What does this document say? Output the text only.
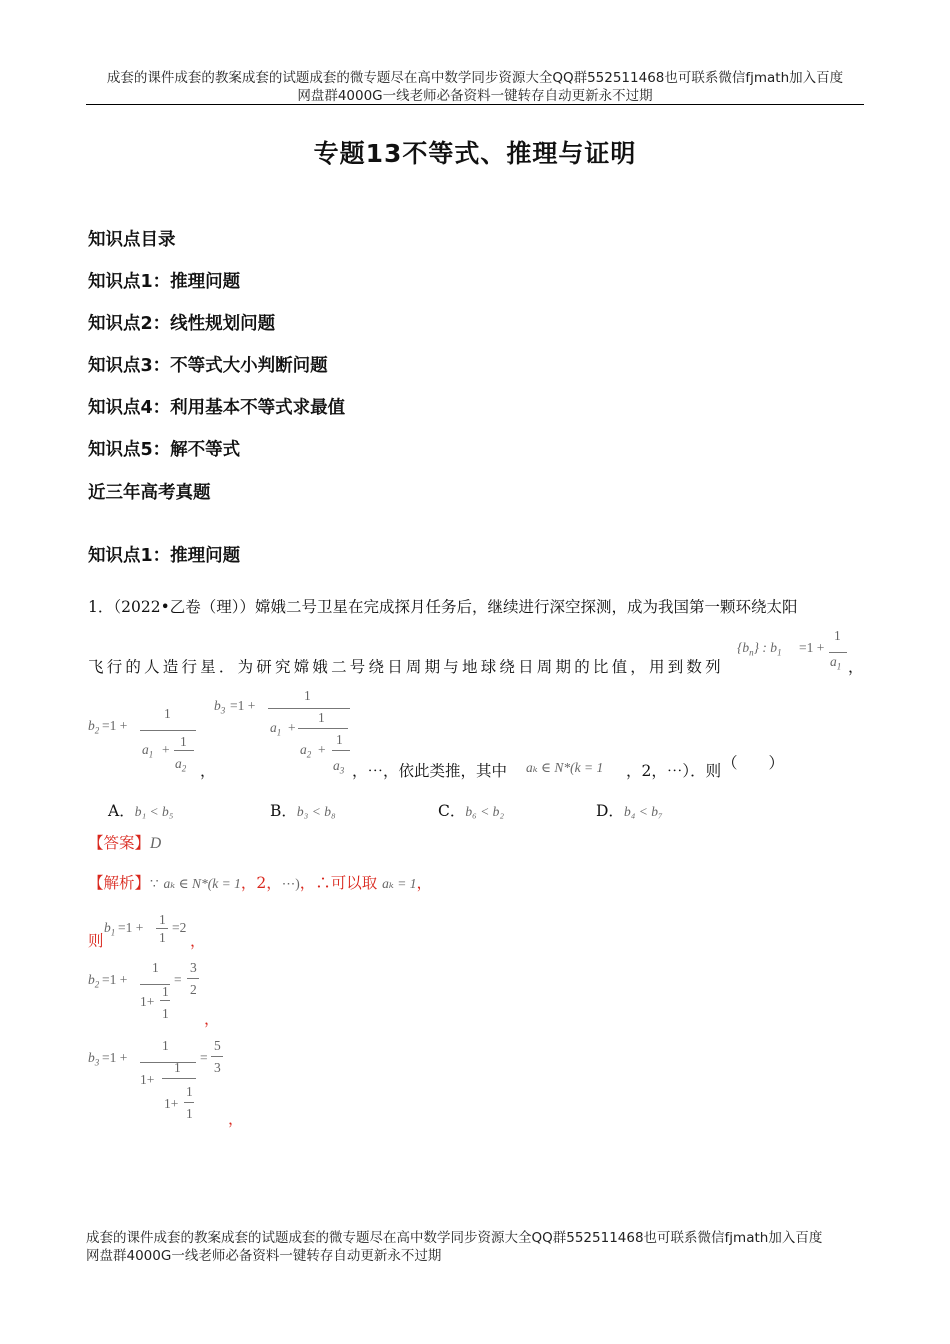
成套的课件成套的教案成套的试题成套的微专题尽在高中数学同步资源大全QQ群552511468也可联系微信fjmath加入百度
网盘群4000G一线老师必备资料一键转存自动更新永不过期
专题13不等式、推理与证明
知识点目录
知识点1：推理问题
知识点2：线性规划问题
知识点3：不等式大小判断问题
知识点4：利用基本不等式求最值
知识点5：解不等式
近三年高考真题
知识点1：推理问题
1．（2022•乙卷（理））嫦娥二号卫星在完成探月任务后，继续进行深空探测，成为我国第一颗环绕太阳
$\{b_n\}$ : $b_1 =1$ +
1
$a_1$
飞行的人造行星．为研究嫦娥二号绕日周期与地球绕日周期的比值，用到数列	，
$b_2 =1$ +
1
$a_1$ +
1
$a_2$ ，
$b_3 =1$ +
1
$a_1$ +
1
$a_2$ +
1
$a_3$ ，⋯，依此类推，其中 aₖ ∈ N*(k = 1 ，2，⋯）．则 （　　）
A．b₁ < b₅	B．b₃ < b₈	C．b₆ < b₂	D．b₄ < b₇
【答案】D
【解析】∵ aₖ ∈ N*(k = 1，2，⋯)，∴可以取 aₖ = 1，
$b_1 =1$ +
1
1
=2
则	，
$b_2 =1$ +
1
1+
1
1
=
3
2
，
$b_3 =1$ +
1
1+
1
1+
1
1
=
5
3
，
成套的课件成套的教案成套的试题成套的微专题尽在高中数学同步资源大全QQ群552511468也可联系微信fjmath加入百度
网盘群4000G一线老师必备资料一键转存自动更新永不过期
